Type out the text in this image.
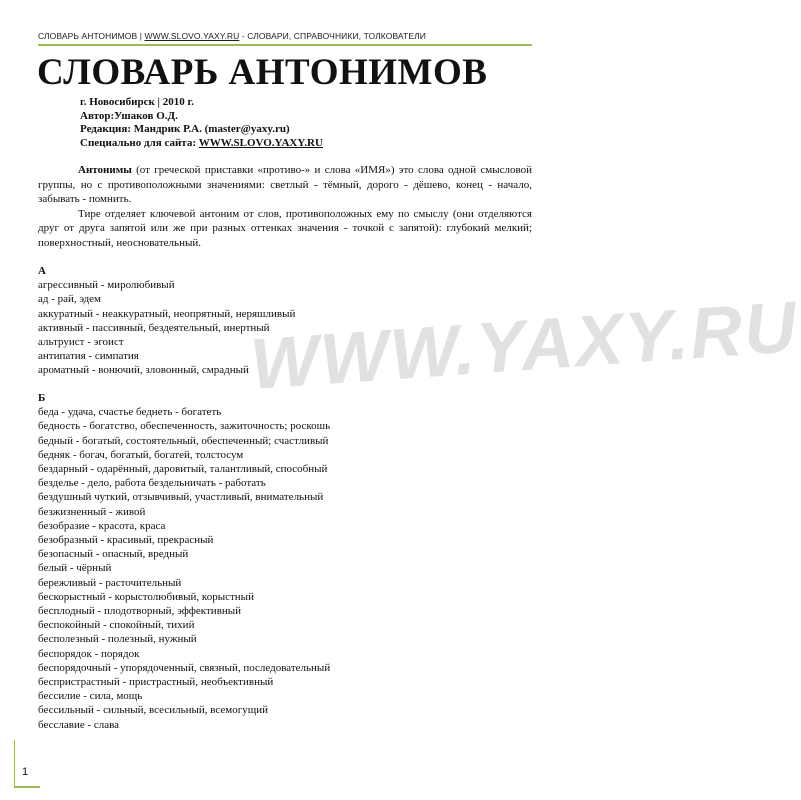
СЛОВАРЬ АНТОНИМОВ | WWW.SLOVO.YAXY.RU - СЛОВАРИ, СПРАВОЧНИКИ, ТОЛКОВАТЕЛИ
СЛОВАРЬ АНТОНИМОВ
г. Новосибирск | 2010 г.
Автор:Ушаков О.Д.
Редакция: Мандрик Р.А. (master@yaxy.ru)
Специально для сайта: WWW.SLOVO.YAXY.RU

Антонимы (от греческой приставки «противо-» и слова «ИМЯ») это слова одной смысловой группы, но с противоположными значениями: светлый - тёмный, дорого - дёшево, конец - начало, забывать - помнить.

Тире отделяет ключевой антоним от слов, противоположных ему по смыслу (они отделяются друг от друга запятой или же при разных оттенках значения - точкой с запятой): глубокий мелкий; поверхностный, неосновательный.

WWW.YAXY.RU
А
агрессивный - миролюбивый
ад - рай, эдем
аккуратный - неаккуратный, неопрятный, неряшливый
активный - пассивный, бездеятельный, инертный
альтруист - эгоист
антипатия - симпатия
ароматный - вонючий, зловонный, смрадный
Б
беда - удача, счастье беднеть - богатеть
бедность - богатство, обеспеченность, зажиточность; роскошь
бедный - богатый, состоятельный, обеспеченный; счастливый
бедняк - богач, богатый, богатей, толстосум
бездарный - одарённый, даровитый, талантливый, способный
безделье - дело, работа бездельничать - работать
бездушный чуткий, отзывчивый, участливый, внимательный
безжизненный - живой
безобразие - красота, краса
безобразный - красивый, прекрасный
безопасный - опасный, вредный
белый - чёрный
бережливый - расточительный
бескорыстный - корыстолюбивый, корыстный
бесплодный - плодотворный, эффективный
беспокойный - спокойный, тихий
бесполезный - полезный, нужный
беспорядок - порядок
беспорядочный - упорядоченный, связный, последовательный
беспристрастный - пристрастный, необъективный
бессилие - сила, мощь
бессильный - сильный, всесильный, всемогущий
бесславие - слава
1
